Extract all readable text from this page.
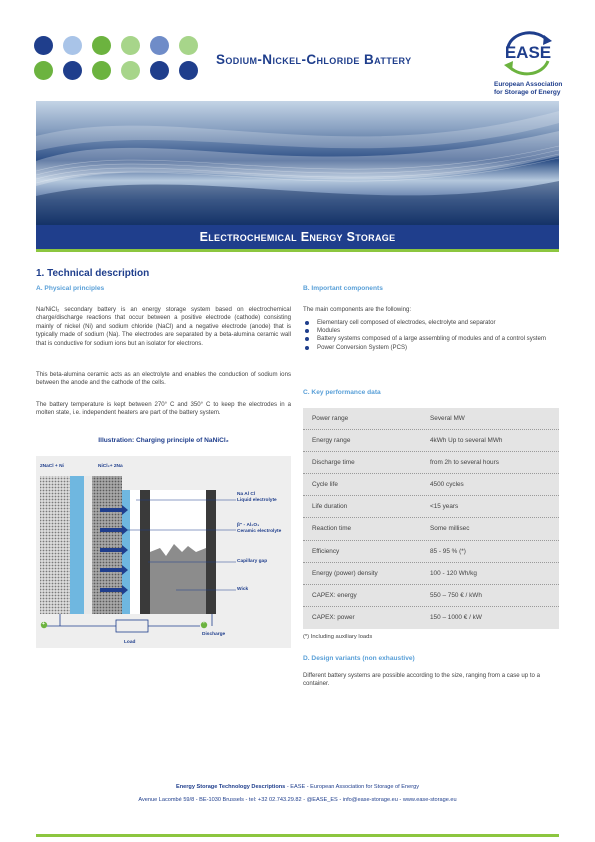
Sodium-Nickel-Chloride Battery	EASE
European Association
for Storage of Energy
Electrochemical Energy Storage
1. Technical description
A. Physical principles
Na/NiCl₂ secondary battery is an energy storage system based on electrochemical charge/discharge reactions that occur between a positive electrode (cathode) consisting mainly of nickel (Ni) and sodium chloride (NaCl) and a negative electrode (anode) that is typically made of sodium (Na). The electrodes are separated by a beta-alumina ceramic wall that is conductive for sodium ions but an isolator for electrons.
This beta-alumina ceramic acts as an electrolyte and enables the conduction of sodium ions between the anode and the cathode of the cells.
The battery temperature is kept between 270° C and 350° C to keep the electrodes in a molten state, i.e. independent heaters are part of the battery system.
Illustration: Charging principle of NaNiCl₂
2NaCl + Ni	NiCl₂+ 2Na
Na Al Cl
Liquid electrolyte
β" - Al₂O₃
Ceramic electrolyte
Capillary gap
Wick
Discharge
Load
+	-
B. Important components
The main components are the following:
Elementary cell composed of electrodes, electrolyte and separator
Modules
Battery systems composed of a large assembling of modules and of a control system
Power Conversion System (PCS)
C. Key performance data
Power range	Several MW
Energy range	4kWh Up to several MWh
Discharge time	from 2h to several hours
Cycle life	4500 cycles
Life duration	<15 years
Reaction time	Some millisec
Efficiency	85 - 95 % (*)
Energy (power) density	100 - 120 Wh/kg
CAPEX: energy	550 – 750 € / kWh
CAPEX: power	150 – 1000 € / kW
(*) Including auxiliary loads
D. Design variants (non exhaustive)
Different battery systems are possible according to the size, ranging from a case up to a container.
Energy Storage Technology Descriptions - EASE - European Association for Storage of Energy
Avenue Lacombé 59/8 - BE-1030 Brussels - tel: +32 02.743.29.82 - @EASE_ES - info@ease-storage.eu - www.ease-storage.eu
